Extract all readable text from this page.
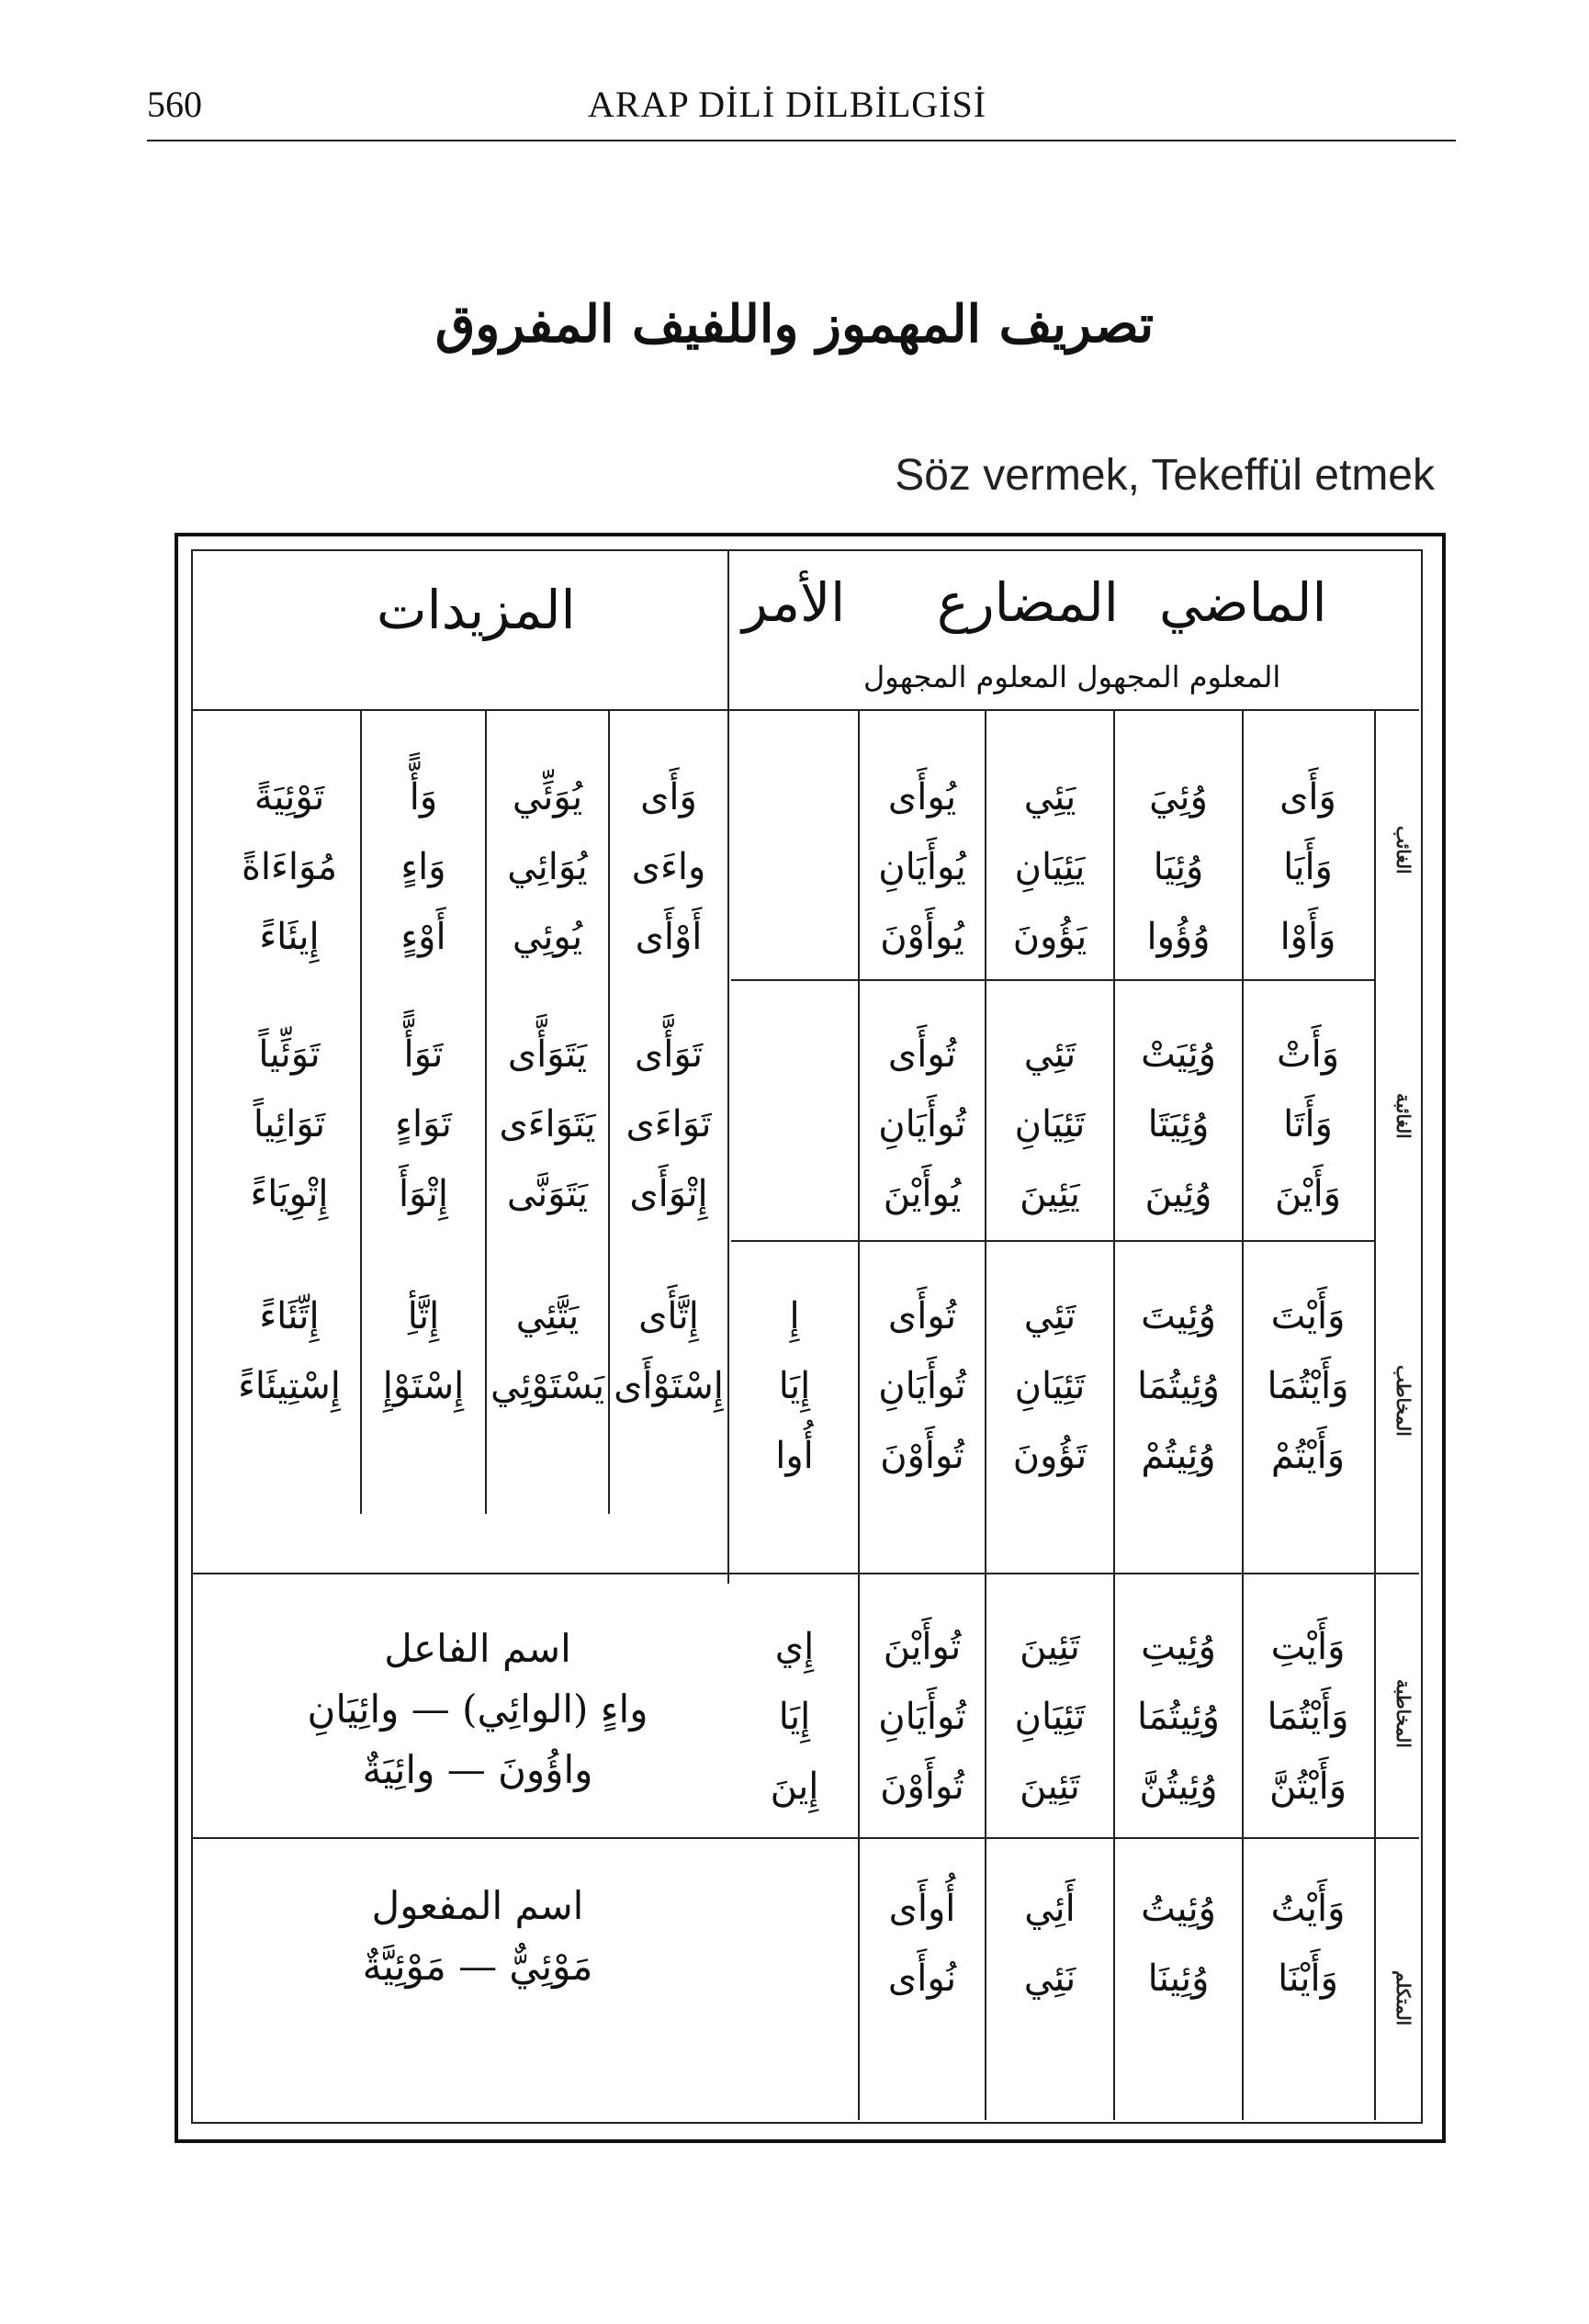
560	ARAP DİLİ DİLBİLGİSİ
تصريف المهموز واللفيف المفروق
Söz vermek, Tekeffül etmek
المزيدات	الماضي
المضارع
الأمر
المعلوم المجهول المعلوم المجهول
الغائب
الغائبة
المخاطب
المخاطبة
المتكلم
وَأَى
وَأَيَا
وَأَوْا
وُئِيَ
وُئِيَا
وُؤُوا
يَئِي
يَئِيَانِ
يَؤُونَ
يُوأَى
يُوأَيَانِ
يُوأَوْنَ
وَأَى
واءَى
أَوْأَى
يُوَئِّي
يُوَائِي
يُوئِي
وَأًّ
وَاءٍ
أَوْءٍ
تَوْئِيَةً
مُوَاءَاةً
إِيئَاءً
وَأَتْ
وَأَتَا
وَأَيْنَ
وُئِيَتْ
وُئِيَتَا
وُئِينَ
تَئِي
تَئِيَانِ
يَئِينَ
تُوأَى
تُوأَيَانِ
يُوأَيْنَ
تَوَأَّى
تَوَاءَى
إِتْوَأَى
يَتَوَأَّى
يَتَوَاءَى
يَتَوَنَّى
تَوَأًّ
تَوَاءٍ
إِتْوَأَ
تَوَئِّياً
تَوَائِياً
إِتْوِيَاءً
وَأَيْتَ
وَأَيْتُمَا
وَأَيْتُمْ
وُئِيتَ
وُئِيتُمَا
وُئِيتُمْ
تَئِي
تَئِيَانِ
تَؤُونَ
تُوأَى
تُوأَيَانِ
تُوأَوْنَ
إِ
إِيَا
أُوا
إِتَّأَى
إِسْتَوْأَى
يَتَّئِي
يَسْتَوْئِي
إِتَّأِ
إِسْتَوْإِ
إِتِّئَاءً
إِسْتِيئَاءً
وَأَيْتِ
وَأَيْتُمَا
وَأَيْتُنَّ
وُئِيتِ
وُئِيتُمَا
وُئِيتُنَّ
تَئِينَ
تَئِيَانِ
تَئِينَ
تُوأَيْنَ
تُوأَيَانِ
تُوأَوْنَ
إِي
إِيَا
إِينَ
اسم الفاعل
واءٍ (الوائِي) — وائِيَانِ
واؤُونَ — وائِيَةٌ
وَأَيْتُ
وَأَيْنَا
وُئِيتُ
وُئِينَا
أَئِي
نَئِي
أُوأَى
نُوأَى
اسم المفعول
مَوْئِيٌّ — مَوْئِيَّةٌ
